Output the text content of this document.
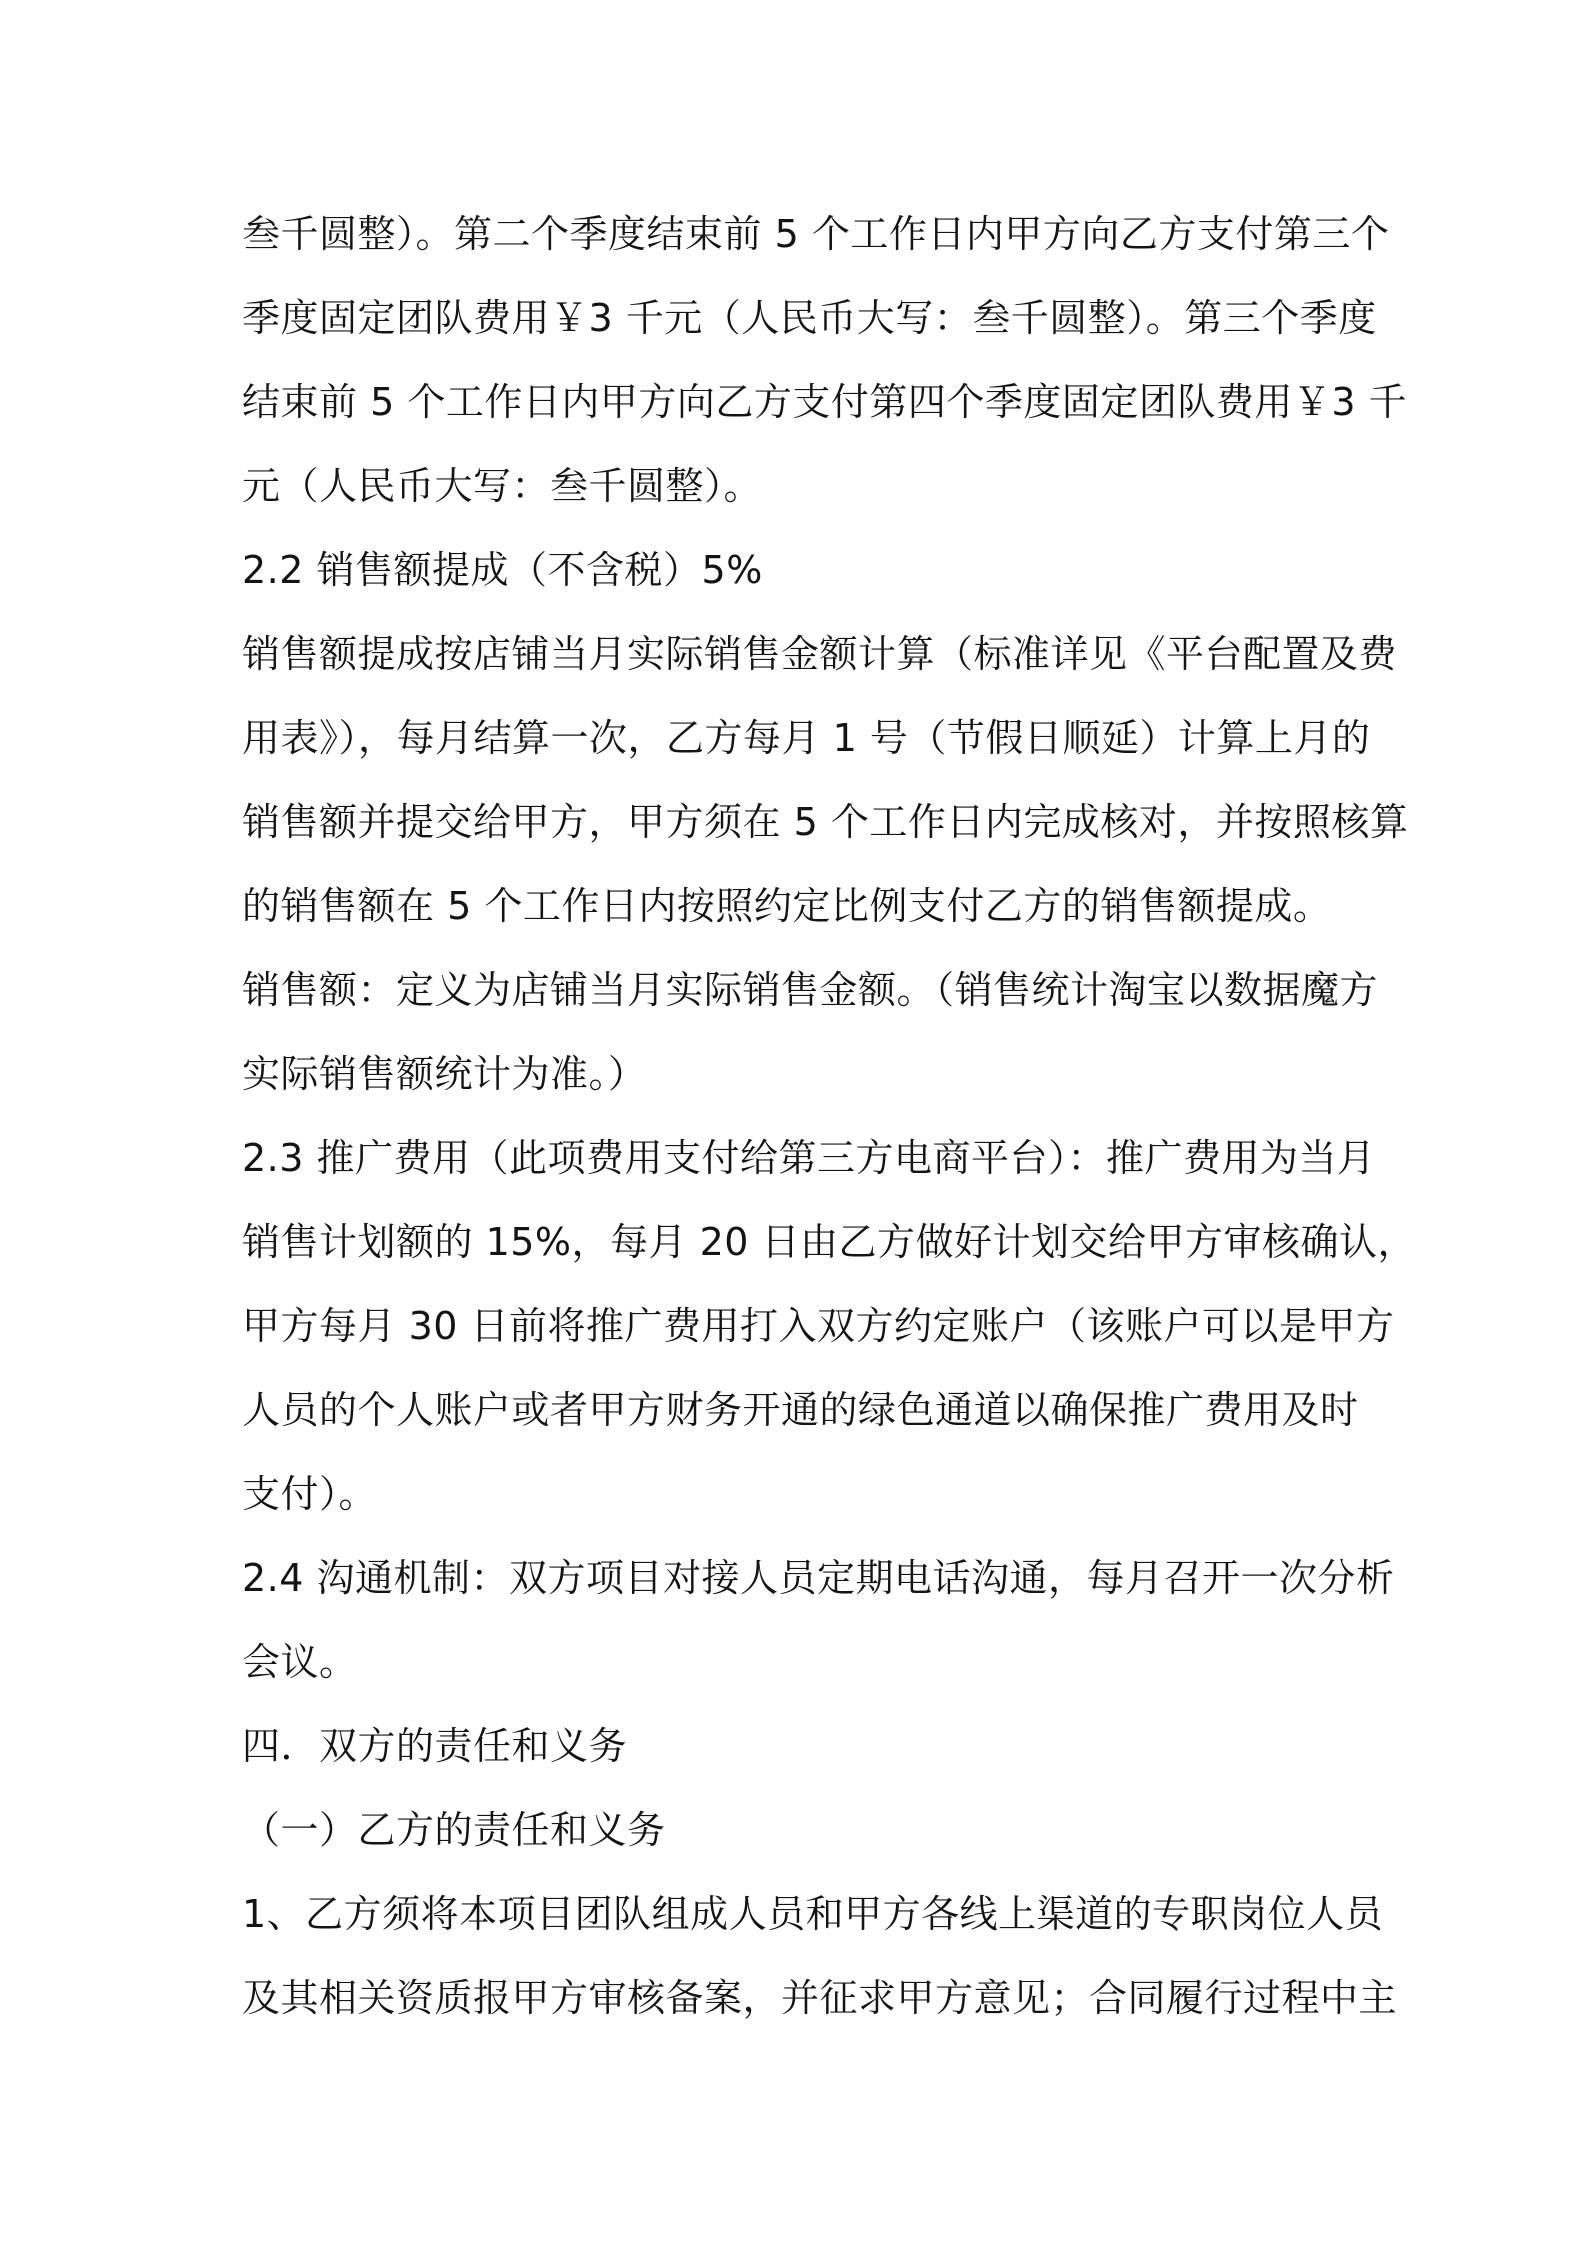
叁千圆整）。第二个季度结束前 5 个工作日内甲方向乙方支付第三个
季度固定团队费用￥3 千元（人民币大写：叁千圆整）。第三个季度
结束前 5 个工作日内甲方向乙方支付第四个季度固定团队费用￥3 千
元（人民币大写：叁千圆整）。
2.2 销售额提成（不含税）5%
销售额提成按店铺当月实际销售金额计算（标准详见《平台配置及费
用表》），每月结算一次，乙方每月 1 号（节假日顺延）计算上月的
销售额并提交给甲方，甲方须在 5 个工作日内完成核对，并按照核算
的销售额在 5 个工作日内按照约定比例支付乙方的销售额提成。
销售额：定义为店铺当月实际销售金额。（销售统计淘宝以数据魔方
实际销售额统计为准。）
2.3 推广费用（此项费用支付给第三方电商平台）：推广费用为当月
销售计划额的 15%，每月 20 日由乙方做好计划交给甲方审核确认，
甲方每月 30 日前将推广费用打入双方约定账户（该账户可以是甲方
人员的个人账户或者甲方财务开通的绿色通道以确保推广费用及时
支付）。
2.4 沟通机制：双方项目对接人员定期电话沟通，每月召开一次分析
会议。
四．双方的责任和义务
（一）乙方的责任和义务
1、乙方须将本项目团队组成人员和甲方各线上渠道的专职岗位人员
及其相关资质报甲方审核备案，并征求甲方意见；合同履行过程中主
